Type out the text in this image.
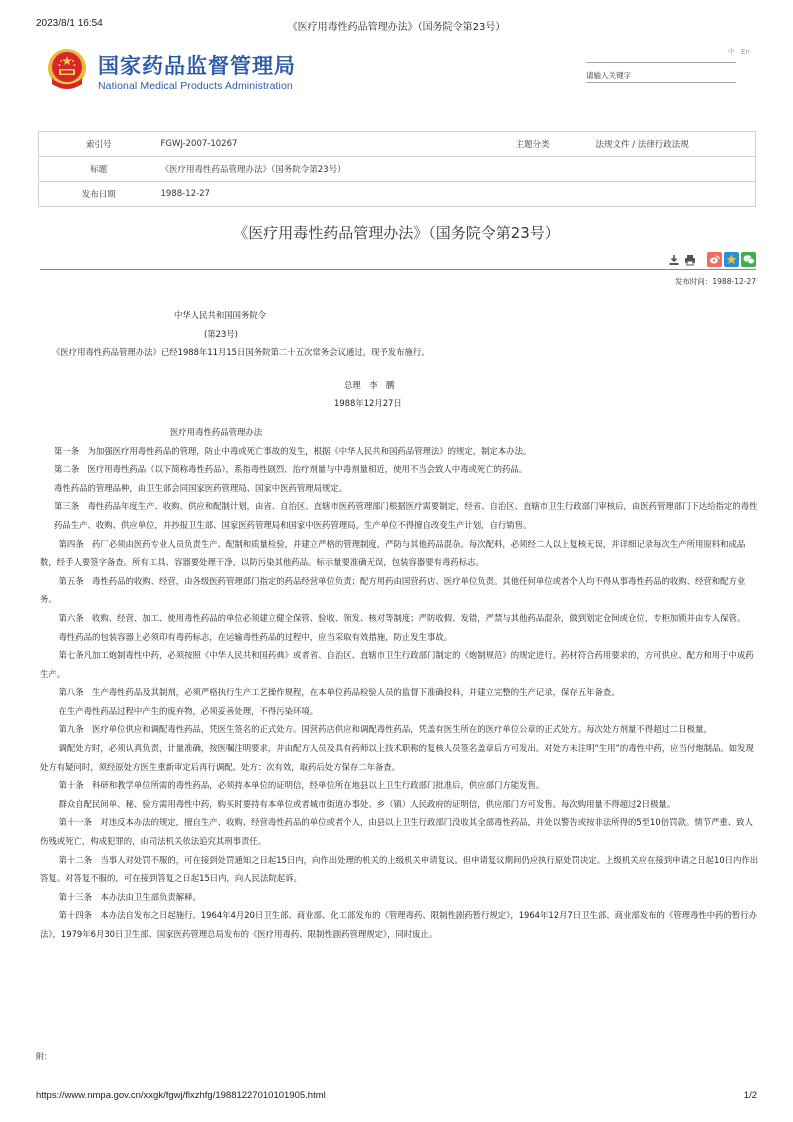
2023/8/1 16:54	《医疗用毒性药品管理办法》（国务院令第23号）
国家药品监督管理局
National Medical Products Administration
中 En
请输入关键字
索引号	FGWJ-2007-10267	主题分类	法规文件 / 法律行政法规
标题	《医疗用毒性药品管理办法》（国务院令第23号）		
发布日期	1988-12-27		
《医疗用毒性药品管理办法》（国务院令第23号）
发布时间：1988-12-27

中华人民共和国国务院令

(第23号)

《医疗用毒性药品管理办法》已经1988年11月15日国务院第二十五次常务会议通过，现予发布施行。

总理　李　鹏

1988年12月27日

医疗用毒性药品管理办法

第一条　为加强医疗用毒性药品的管理，防止中毒或死亡事故的发生，根据《中华人民共和国药品管理法》的规定，制定本办法。

第二条　医疗用毒性药品（以下简称毒性药品），系指毒性剧烈、治疗剂量与中毒剂量相近，使用不当会致人中毒或死亡的药品。

毒性药品的管理品种，由卫生部会同国家医药管理局、国家中医药管理局规定。

第三条　毒性药品年度生产、收购、供应和配制计划，由省、自治区、直辖市医药管理部门根据医疗需要制定，经省、自治区、直辖市卫生行政部门审核后，由医药管理部门下达给指定的毒性药品生产、收购、供应单位，并抄报卫生部、国家医药管理局和国家中医药管理局。生产单位不得擅自改变生产计划，自行销售。

第四条　药厂必须由医药专业人员负责生产、配制和质量检验，并建立严格的管理制度，严防与其他药品混杂。每次配料，必须经二人以上复核无误，并详细记录每次生产所用原料和成品数，经手人要签字备查。所有工具、容器要处理干净，以防污染其他药品。标示量要准确无误，包装容器要有毒药标志。

第五条　毒性药品的收购、经营，由各级医药管理部门指定的药品经营单位负责；配方用药由国营药店、医疗单位负责。其他任何单位或者个人均不得从事毒性药品的收购、经营和配方业务。

第六条　收购、经营、加工、使用毒性药品的单位必须建立健全保管、验收、领发、核对等制度；严防收假、发错，严禁与其他药品混杂，做到划定仓间或仓位，专柜加锁并由专人保管。

毒性药品的包装容器上必须印有毒药标志，在运输毒性药品的过程中，应当采取有效措施，防止发生事故。

第七条凡加工炮制毒性中药，必须按照《中华人民共和国药典》或者省、自治区、直辖市卫生行政部门制定的《炮制规范》的规定进行。药材符合药用要求的，方可供应、配方和用于中成药生产。

第八条　生产毒性药品及其制剂，必须严格执行生产工艺操作规程，在本单位药品检验人员的监督下准确投料，并建立完整的生产记录，保存五年备查。

在生产毒性药品过程中产生的废弃物，必须妥善处理，不得污染环境。

第九条　医疗单位供应和调配毒性药品，凭医生签名的正式处方。国营药店供应和调配毒性药品，凭盖有医生所在的医疗单位公章的正式处方。每次处方剂量不得超过二日极量。

调配处方时，必须认真负责，计量准确，按医嘱注明要求，并由配方人员及具有药师以上技术职称的复核人员签名盖章后方可发出。对处方未注明“生用”的毒性中药，应当付炮制品。如发现处方有疑问时，须经原处方医生重新审定后再行调配。处方：次有效，取药后处方保存二年备查。

第十条　科研和教学单位所需的毒性药品，必须持本单位的证明信，经单位所在地县以上卫生行政部门批准后，供应部门方能发售。

群众自配民间单、秘、验方需用毒性中药，购买时要持有本单位或者城市街道办事处、乡（镇）人民政府的证明信，供应部门方可发售。每次购用量不得超过2日极量。

第十一条　对违反本办法的规定，擅自生产、收购、经营毒性药品的单位或者个人，由县以上卫生行政部门没收其全部毒性药品，并处以警告或按非法所得的5至10倍罚款。情节严重、致人伤残或死亡，构成犯罪的，由司法机关依法追究其刑事责任。

第十二条　当事人对处罚不服的，可在接到处罚通知之日起15日内，向作出处理的机关的上级机关申请复议。但申请复议期间仍应执行原处罚决定。上级机关应在接到申请之日起10日内作出答复。对答复不服的，可在接到答复之日起15日内，向人民法院起诉。

第十三条　本办法由卫生部负责解释。

第十四条　本办法自发布之日起施行。1964年4月20日卫生部、商业部、化工部发布的《管理毒药、限制性剧药暂行规定》，1964年12月7日卫生部、商业部发布的《管理毒性中药的暂行办法》，1979年6月30日卫生部、国家医药管理总局发布的《医疗用毒药、限制性剧药管理规定》，同时废止。

附：
https://www.nmpa.gov.cn/xxgk/fgwj/flxzhfg/19881227010101905.html	1/2
